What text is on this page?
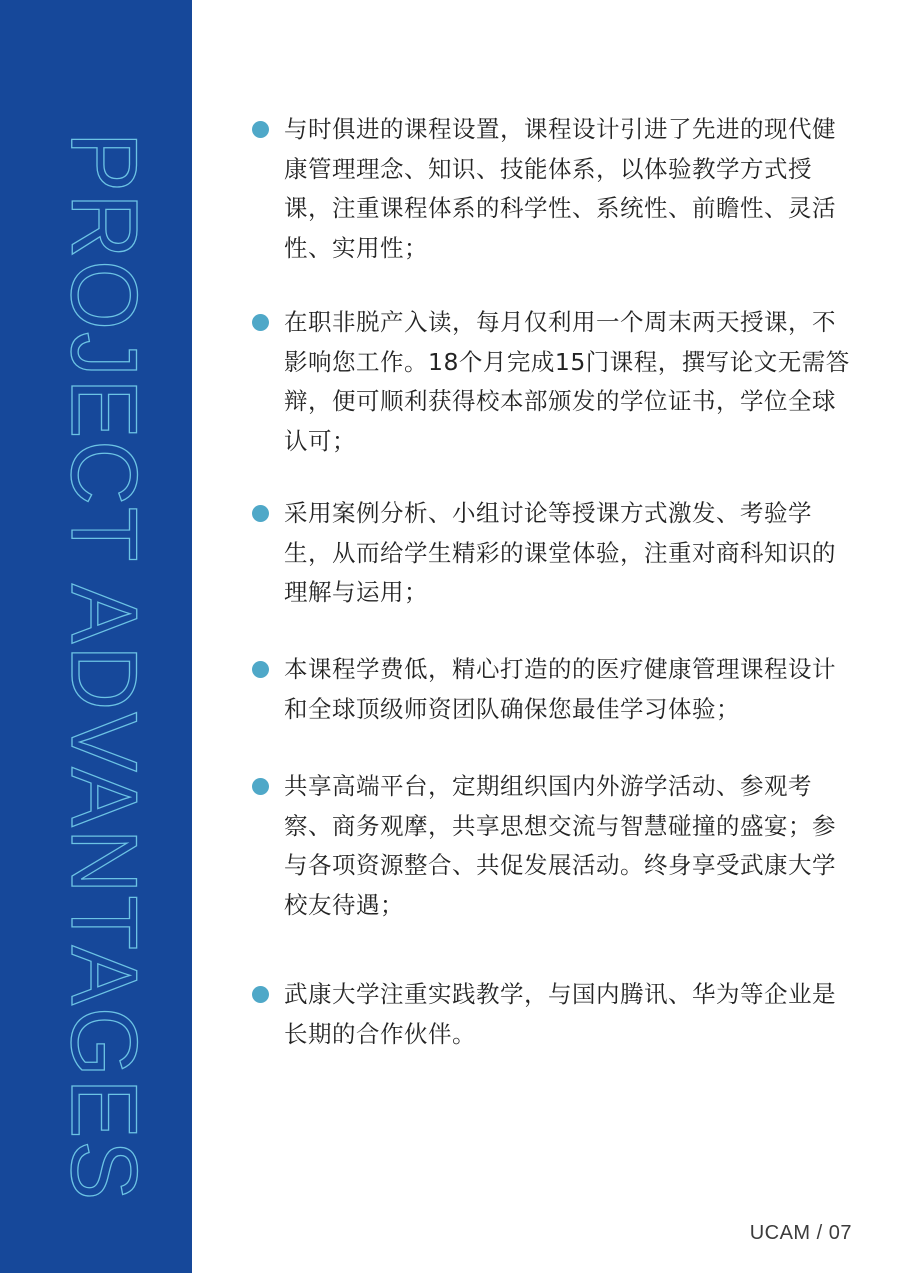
PROJECT ADVANTAGES
与时俱进的课程设置，课程设计引进了先进的现代健康管理理念、知识、技能体系，以体验教学方式授课，注重课程体系的科学性、系统性、前瞻性、灵活性、实用性；
在职非脱产入读，每月仅利用一个周末两天授课，不影响您工作。18个月完成15门课程，撰写论文无需答辩，便可顺利获得校本部颁发的学位证书，学位全球认可；
采用案例分析、小组讨论等授课方式激发、考验学生，从而给学生精彩的课堂体验，注重对商科知识的理解与运用；
本课程学费低，精心打造的的医疗健康管理课程设计和全球顶级师资团队确保您最佳学习体验；
共享高端平台，定期组织国内外游学活动、参观考察、商务观摩，共享思想交流与智慧碰撞的盛宴；参与各项资源整合、共促发展活动。终身享受武康大学校友待遇；
武康大学注重实践教学，与国内腾讯、华为等企业是长期的合作伙伴。
UCAM / 07
